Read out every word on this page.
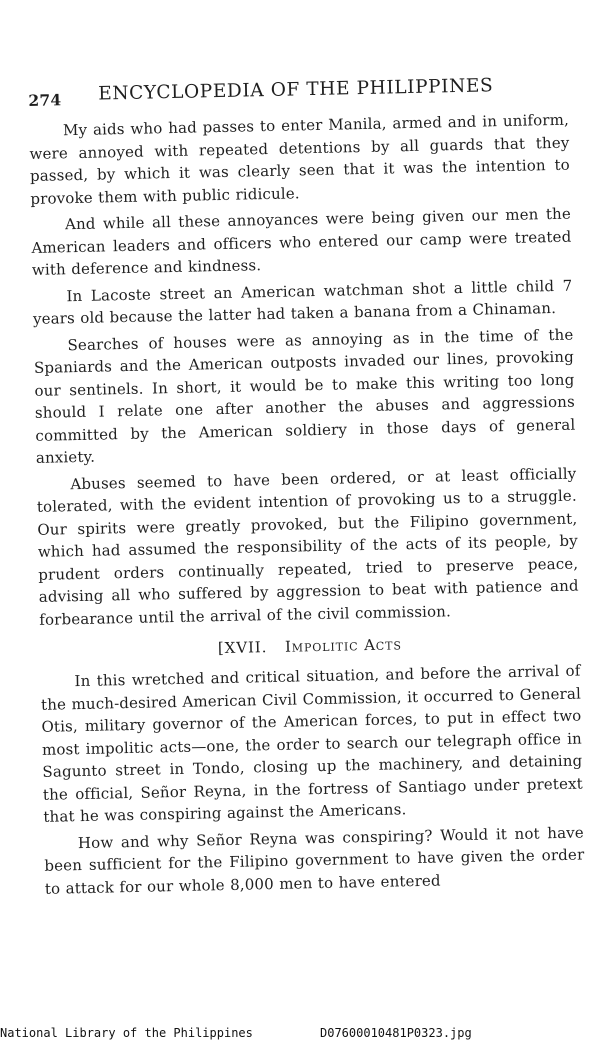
274 ENCYCLOPEDIA OF THE PHILIPPINES

My aids who had passes to enter Manila, armed and in uniform, were annoyed with repeated detentions by all guards that they passed, by which it was clearly seen that it was the intention to provoke them with public ridicule.

And while all these annoyances were being given our men the American leaders and officers who entered our camp were treated with deference and kindness.

In Lacoste street an American watchman shot a little child 7 years old because the latter had taken a banana from a Chinaman.

Searches of houses were as annoying as in the time of the Spaniards and the American outposts invaded our lines, provoking our sentinels. In short, it would be to make this writing too long should I relate one after another the abuses and aggressions committed by the American soldiery in those days of general anxiety.

Abuses seemed to have been ordered, or at least officially tolerated, with the evident intention of provoking us to a struggle. Our spirits were greatly provoked, but the Filipino government, which had assumed the responsibility of the acts of its people, by prudent orders continually repeated, tried to preserve peace, advising all who suffered by aggression to beat with patience and forbearance until the arrival of the civil commission.

[XVII. Impolitic Acts

In this wretched and critical situation, and before the arrival of the much-desired American Civil Commission, it occurred to General Otis, military governor of the American forces, to put in effect two most impolitic acts—one, the order to search our telegraph office in Sagunto street in Tondo, closing up the machinery, and detaining the official, Señor Reyna, in the fortress of Santiago under pretext that he was conspiring against the Americans.

How and why Señor Reyna was conspiring? Would it not have been sufficient for the Filipino government to have given the order to attack for our whole 8,000 men to have entered

National Library of the Philippines	D07600010481P0323.jpg
